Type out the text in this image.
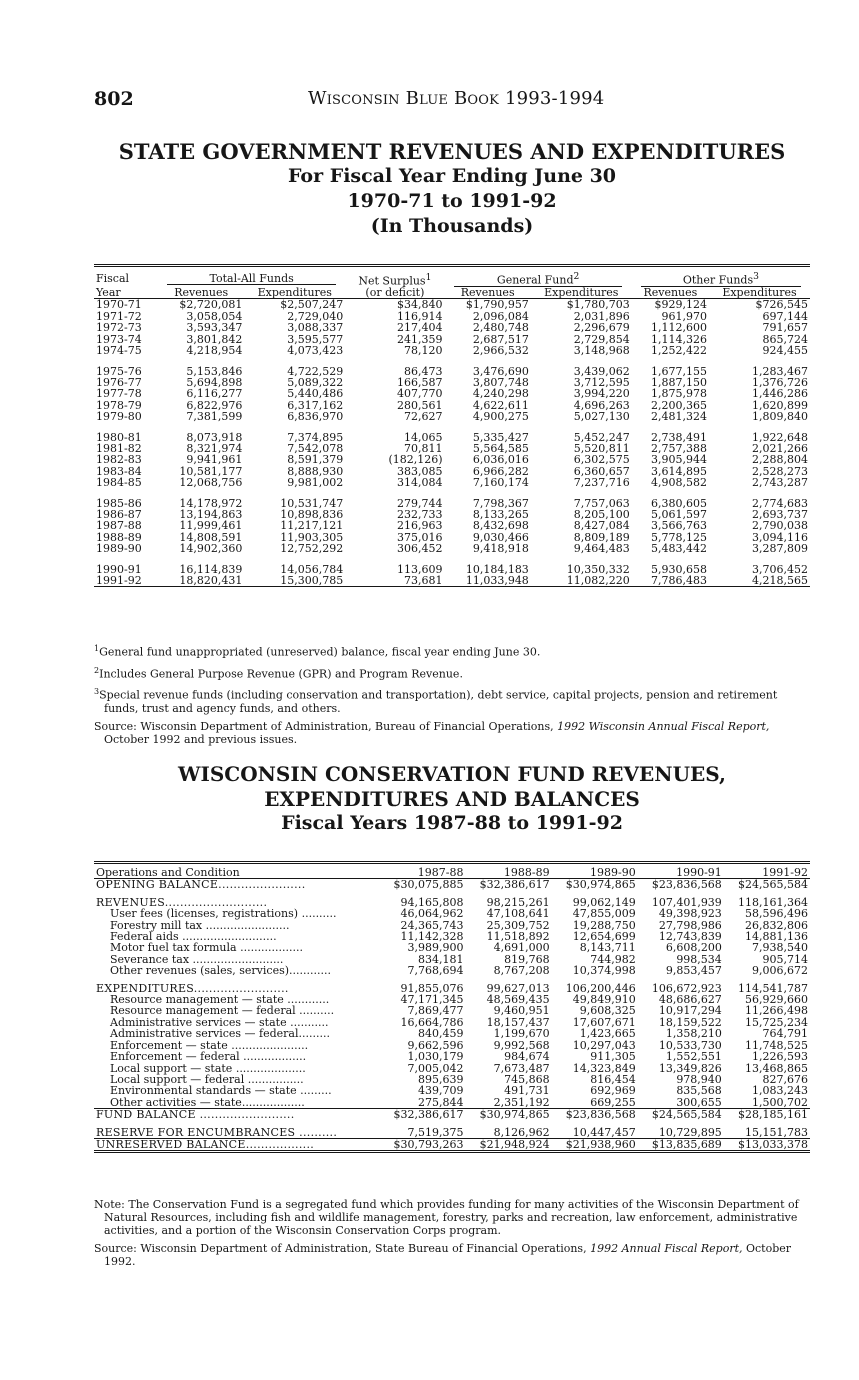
802	Wisconsin Blue Book 1993-1994
STATE GOVERNMENT REVENUES AND EXPENDITURES
For Fiscal Year Ending June 30
1970-71 to 1991-92
(In Thousands)
Fiscal	Total-All Funds		Net Surplus$^1$	General Fund$^2$		Other Funds$^3$
Year	Revenues	Expenditures	(or deficit)	Revenues	Expenditures	Revenues	Expenditures
1970-71	$2,720,081	$2,507,247	$34,840	$1,790,957	$1,780,703	$929,124	$726,545
1971-72	3,058,054	2,729,040	116,914	2,096,084	2,031,896	961,970	697,144
1972-73	3,593,347	3,088,337	217,404	2,480,748	2,296,679	1,112,600	791,657
1973-74	3,801,842	3,595,577	241,359	2,687,517	2,729,854	1,114,326	865,724
1974-75	4,218,954	4,073,423	78,120	2,966,532	3,148,968	1,252,422	924,455

1975-76	5,153,846	4,722,529	86,473	3,476,690	3,439,062	1,677,155	1,283,467
1976-77	5,694,898	5,089,322	166,587	3,807,748	3,712,595	1,887,150	1,376,726
1977-78	6,116,277	5,440,486	407,770	4,240,298	3,994,220	1,875,978	1,446,286
1978-79	6,822,976	6,317,162	280,561	4,622,611	4,696,263	2,200,365	1,620,899
1979-80	7,381,599	6,836,970	72,627	4,900,275	5,027,130	2,481,324	1,809,840

1980-81	8,073,918	7,374,895	14,065	5,335,427	5,452,247	2,738,491	1,922,648
1981-82	8,321,974	7,542,078	70,811	5,564,585	5,520,811	2,757,388	2,021,266
1982-83	9,941,961	8,591,379	(182,126)	6,036,016	6,302,575	3,905,944	2,288,804
1983-84	10,581,177	8,888,930	383,085	6,966,282	6,360,657	3,614,895	2,528,273
1984-85	12,068,756	9,981,002	314,084	7,160,174	7,237,716	4,908,582	2,743,287

1985-86	14,178,972	10,531,747	279,744	7,798,367	7,757,063	6,380,605	2,774,683
1986-87	13,194,863	10,898,836	232,733	8,133,265	8,205,100	5,061,597	2,693,737
1987-88	11,999,461	11,217,121	216,963	8,432,698	8,427,084	3,566,763	2,790,038
1988-89	14,808,591	11,903,305	375,016	9,030,466	8,809,189	5,778,125	3,094,116
1989-90	14,902,360	12,752,292	306,452	9,418,918	9,464,483	5,483,442	3,287,809

1990-91	16,114,839	14,056,784	113,609	10,184,183	10,350,332	5,930,658	3,706,452
1991-92	18,820,431	15,300,785	73,681	11,033,948	11,082,220	7,786,483	4,218,565

$^1$General fund unappropriated (unreserved) balance, fiscal year ending June 30.

$^2$Includes General Purpose Revenue (GPR) and Program Revenue.

$^3$Special revenue funds (including conservation and transportation), debt service, capital projects, pension and retirement funds, trust and agency funds, and others.

Source: Wisconsin Department of Administration, Bureau of Financial Operations, 1992 Wisconsin Annual Fiscal Report, October 1992 and previous issues.

WISCONSIN CONSERVATION FUND REVENUES,
EXPENDITURES AND BALANCES
Fiscal Years 1987-88 to 1991-92
Operations and Condition	1987-88	1988-89	1989-90	1990-91	1991-92
OPENING BALANCE.......................	$30,075,885	$32,386,617	$30,974,865	$23,836,568	$24,565,584

REVENUES...........................	94,165,808	98,215,261	99,062,149	107,401,939	118,161,364
User fees (licenses, registrations) ..........	46,064,962	47,108,641	47,855,009	49,398,923	58,596,496
Forestry mill tax ........................	24,365,743	25,309,752	19,288,750	27,798,986	26,832,806
Federal aids ...........................	11,142,328	11,518,892	12,654,699	12,743,839	14,881,136
Motor fuel tax formula ..................	3,989,900	4,691,000	8,143,711	6,608,200	7,938,540
Severance tax ..........................	834,181	819,768	744,982	998,534	905,714
Other revenues (sales, services)............	7,768,694	8,767,208	10,374,998	9,853,457	9,006,672

EXPENDITURES.........................	91,855,076	99,627,013	106,200,446	106,672,923	114,541,787
Resource management — state ............	47,171,345	48,569,435	49,849,910	48,686,627	56,929,660
Resource management — federal ..........	7,869,477	9,460,951	9,608,325	10,917,294	11,266,498
Administrative services — state ...........	16,664,786	18,157,437	17,607,671	18,159,522	15,725,234
Administrative services — federal.........	840,459	1,199,670	1,423,665	1,358,210	764,791
Enforcement — state ......................	9,662,596	9,992,568	10,297,043	10,533,730	11,748,525
Enforcement — federal ..................	1,030,179	984,674	911,305	1,552,551	1,226,593
Local support — state ....................	7,005,042	7,673,487	14,323,849	13,349,826	13,468,865
Local support — federal ................	895,639	745,868	816,454	978,940	827,676
Environmental standards — state .........	439,709	491,731	692,969	835,568	1,083,243
Other activities — state..................	275,844	2,351,192	669,255	300,655	1,500,702
FUND BALANCE .........................	$32,386,617	$30,974,865	$23,836,568	$24,565,584	$28,185,161

RESERVE FOR ENCUMBRANCES ..........	7,519,375	8,126,962	10,447,457	10,729,895	15,151,783
UNRESERVED BALANCE..................	$30,793,263	$21,948,924	$21,938,960	$13,835,689	$13,033,378

Note: The Conservation Fund is a segregated fund which provides funding for many activities of the Wisconsin Department of Natural Resources, including fish and wildlife management, forestry, parks and recreation, law enforcement, administrative activities, and a portion of the Wisconsin Conservation Corps program.

Source: Wisconsin Department of Administration, State Bureau of Financial Operations, 1992 Annual Fiscal Report, October 1992.
